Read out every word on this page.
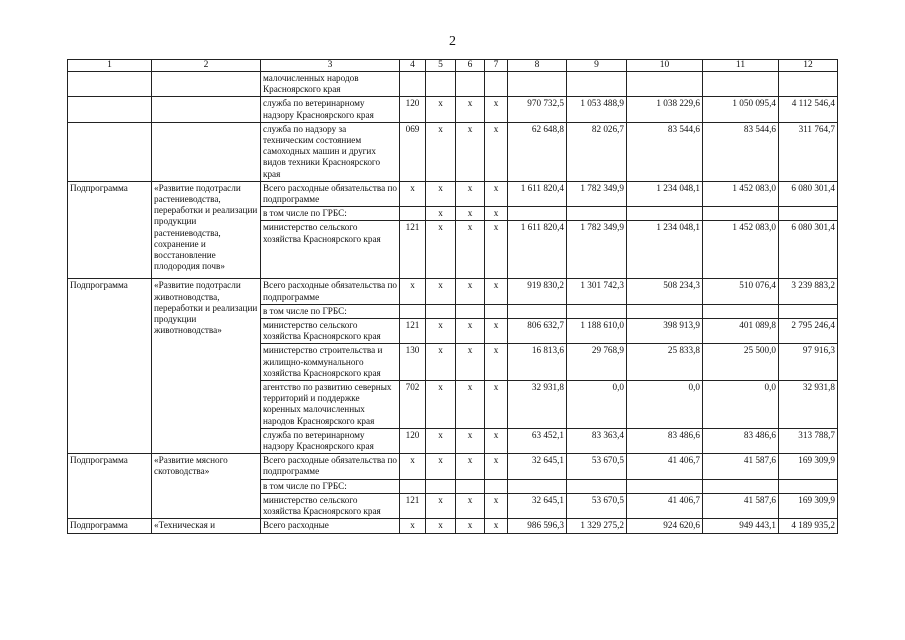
2
1	2	3	4	5	6	7	8	9	10	11	12
		малочисленных народов Красноярского края									
		служба по ветеринарному надзору Красноярского края	120	x	x	x	970 732,5	1 053 488,9	1 038 229,6	1 050 095,4	4 112 546,4
		служба по надзору за техническим состоянием самоходных машин и других видов техники Красноярского края	069	x	x	x	62 648,8	82 026,7	83 544,6	83 544,6	311 764,7
Подпрограмма	«Развитие подотрасли растениеводства, переработки и реализации продукции растениеводства, сохранение и восстановление плодородия почв»	Всего расходные обязательства по подпрограмме	x	x	x	x	1 611 820,4	1 782 349,9	1 234 048,1	1 452 083,0	6 080 301,4
		в том числе по ГРБС:		x	x	x					
		министерство сельского хозяйства Красноярского края	121	x	x	x	1 611 820,4	1 782 349,9	1 234 048,1	1 452 083,0	6 080 301,4
Подпрограмма	«Развитие подотрасли животноводства, переработки и реализации продукции животноводства»	Всего расходные обязательства по подпрограмме	x	x	x	x	919 830,2	1 301 742,3	508 234,3	510 076,4	3 239 883,2
		в том числе по ГРБС:									
		министерство сельского хозяйства Красноярского края	121	x	x	x	806 632,7	1 188 610,0	398 913,9	401 089,8	2 795 246,4
		министерство строительства и жилищно-коммунального хозяйства Красноярского края	130	x	x	x	16 813,6	29 768,9	25 833,8	25 500,0	97 916,3
		агентство по развитию северных территорий и поддержке коренных малочисленных народов Красноярского края	702	x	x	x	32 931,8	0,0	0,0	0,0	32 931,8
		служба по ветеринарному надзору Красноярского края	120	x	x	x	63 452,1	83 363,4	83 486,6	83 486,6	313 788,7
Подпрограмма	«Развитие мясного скотоводства»	Всего расходные обязательства по подпрограмме	x	x	x	x	32 645,1	53 670,5	41 406,7	41 587,6	169 309,9
		в том числе по ГРБС:									
		министерство сельского хозяйства Красноярского края	121	x	x	x	32 645,1	53 670,5	41 406,7	41 587,6	169 309,9
Подпрограмма	«Техническая и	Всего расходные	x	x	x	x	986 596,3	1 329 275,2	924 620,6	949 443,1	4 189 935,2
